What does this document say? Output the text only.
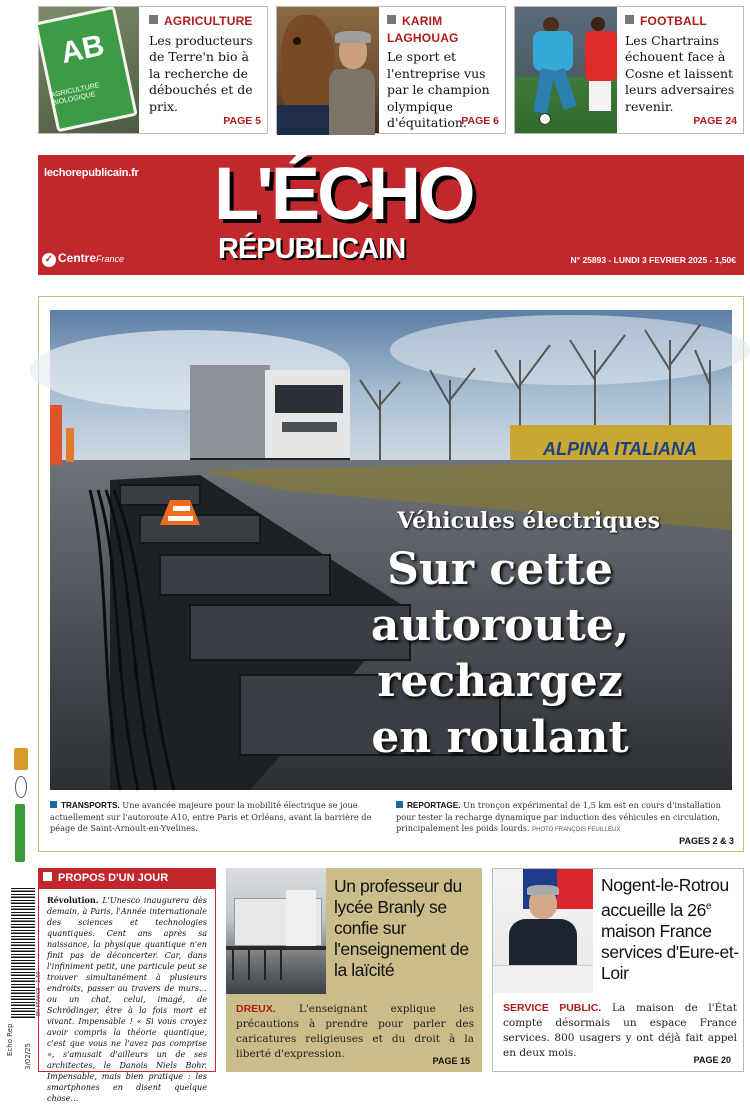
AB
AGRICULTURE BIOLOGIQUE
AGRICULTURE
Les producteurs de Terre'n bio à la recherche de débouchés et de prix.
PAGE 5
KARIM LAGHOUAG
Le sport et l'entreprise vus par le champion olympique d'équitation.
PAGE 6
FOOTBALL
Les Chartrains échouent face à Cosne et laissent leurs adversaires revenir.
PAGE 24
lechorepublicain.fr L'ÉCHO
RÉPUBLICAIN
✓ CentreFrance	N° 25893 - LUNDI 3 FEVRIER 2025 - 1,50€
ALPINA ITALIANA
Véhicules électriques
Sur cette
autoroute,
rechargez
en roulant
TRANSPORTS. Une avancée majeure pour la mobilité électrique se joue actuellement sur l'autoroute A10, entre Paris et Orléans, avant la barrière de péage de Saint-Arnoult-en-Yvelines.
REPORTAGE. Un tronçon expérimental de 1,5 km est en cours d'installation pour tester la recharge dynamique par induction des véhicules en circulation, principalement les poids lourds. PHOTO FRANÇOIS FEUILLEUX
PAGES 2 & 3
Echo Rep
3/02/25
EN FRANCE - 1,50
PROPOS D'UN JOUR
Révolution. L'Unesco inaugurera dès demain, à Paris, l'Année internationale des sciences et technologies quantiques. Cent ans après sa naissance, la physique quantique n'en finit pas de déconcerter. Car, dans l'infiniment petit, une particule peut se trouver simultanément à plusieurs endroits, passer au travers de murs… ou un chat, celui, imagé, de Schrödinger, être à la fois mort et vivant. Impensable ! « Si vous croyez avoir compris la théorie quantique, c'est que vous ne l'avez pas comprise », s'amusait d'ailleurs un de ses architectes, le Danois Niels Bohr. Impensable, mais bien pratique : les smartphones en disent quelque chose…
Un professeur du lycée Branly se confie sur l'enseignement de la laïcité
DREUX. L'enseignant explique les précautions à prendre pour parler des caricatures religieuses et du droit à la liberté d'expression.
PAGE 15
Nogent-le-Rotrou accueille la 26e maison France services d'Eure-et-Loir
SERVICE PUBLIC. La maison de l'État compte désormais un espace France services. 800 usagers y ont déjà fait appel en deux mois.
PAGE 20
